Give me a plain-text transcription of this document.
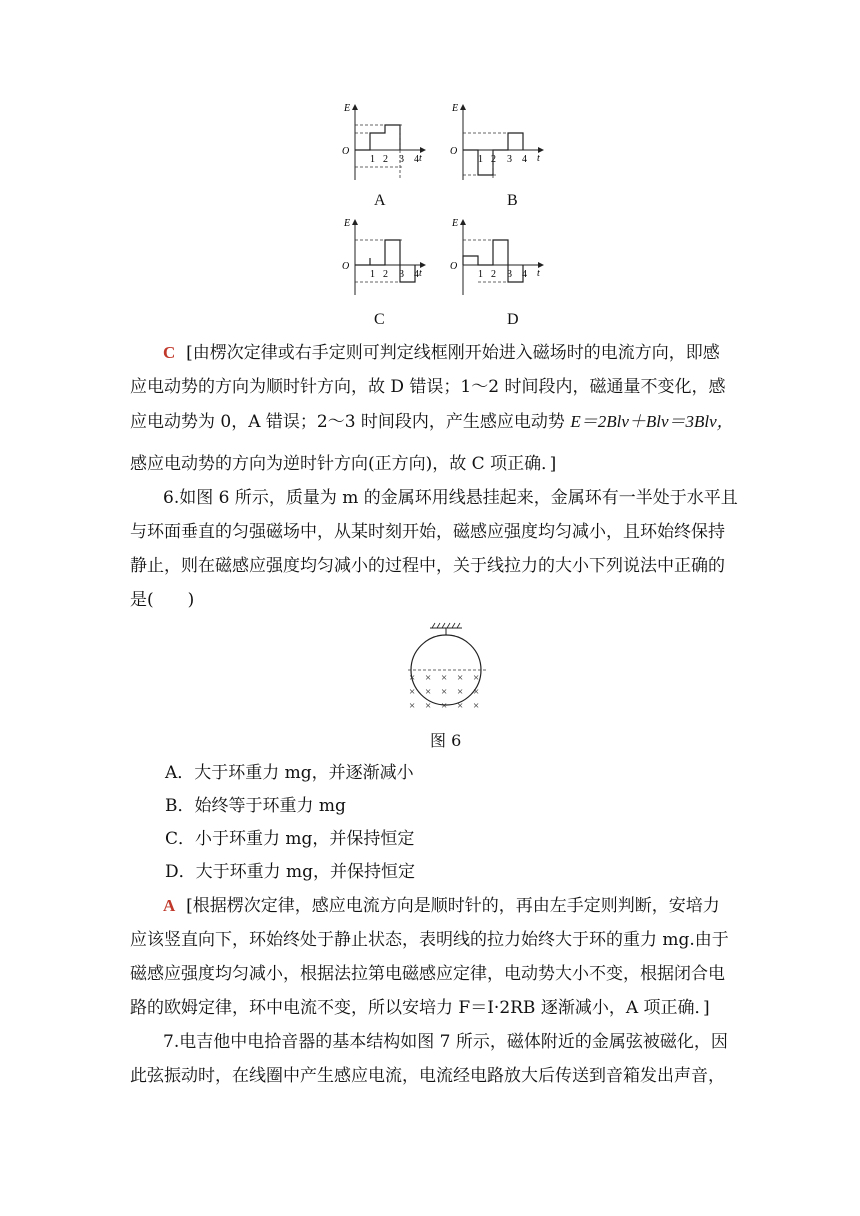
E
O
t
1 2 3 4
E
O
t
1 2 3 4
E
O
t
1 2 3 4
E
O
t
1 2 3 4
A	B
C	D
C [由楞次定律或右手定则可判定线框刚开始进入磁场时的电流方向，即感
应电动势的方向为顺时针方向，故 D 错误；1～2 时间段内，磁通量不变化，感
应电动势为 0，A 错误；2～3 时间段内，产生感应电动势 E＝2Blv＋Blv＝3Blv，
感应电动势的方向为逆时针方向(正方向)，故 C 项正确．]
6.如图 6 所示，质量为 m 的金属环用线悬挂起来，金属环有一半处于水平且
与环面垂直的匀强磁场中，从某时刻开始，磁感应强度均匀减小，且环始终保持
静止，则在磁感应强度均匀减小的过程中，关于线拉力的大小下列说法中正确的
是(　　)
× × × × ×
× × × × ×
× × × × ×
图 6
A．大于环重力 mg，并逐渐减小
B．始终等于环重力 mg
C．小于环重力 mg，并保持恒定
D．大于环重力 mg，并保持恒定
A [根据楞次定律，感应电流方向是顺时针的，再由左手定则判断，安培力
应该竖直向下，环始终处于静止状态，表明线的拉力始终大于环的重力 mg.由于
磁感应强度均匀减小，根据法拉第电磁感应定律，电动势大小不变，根据闭合电
路的欧姆定律，环中电流不变，所以安培力 F＝I·2RB 逐渐减小，A 项正确．]
7.电吉他中电拾音器的基本结构如图 7 所示，磁体附近的金属弦被磁化，因
此弦振动时，在线圈中产生感应电流，电流经电路放大后传送到音箱发出声音，
